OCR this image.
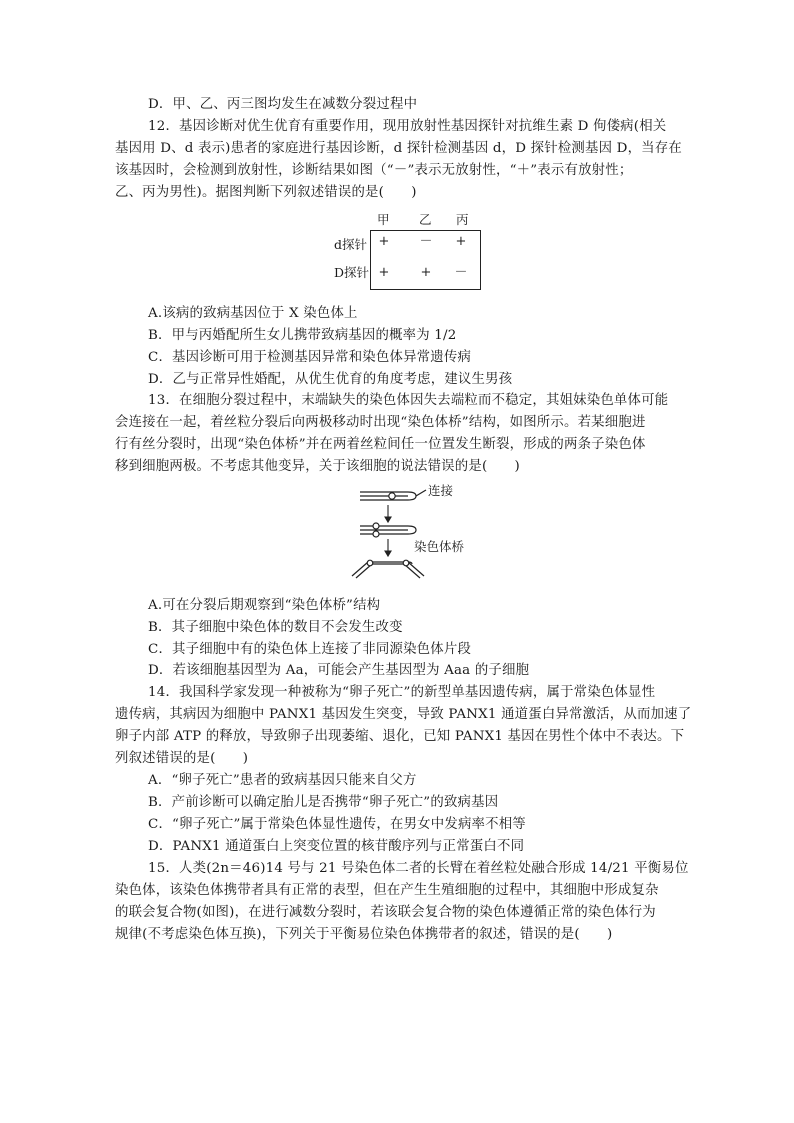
D．甲、乙、丙三图均发生在减数分裂过程中
12．基因诊断对优生优育有重要作用，现用放射性基因探针对抗维生素 D 佝偻病(相关
基因用 D、d 表示)患者的家庭进行基因诊断，d 探针检测基因 d，D 探针检测基因 D，当存在
该基因时，会检测到放射性，诊断结果如图（“－”表示无放射性，“＋”表示有放射性；
乙、丙为男性)。据图判断下列叙述错误的是(　　)
甲 乙 丙
d探针
D探针
+ － +
+ + －
A.该病的致病基因位于 X 染色体上
B．甲与丙婚配所生女儿携带致病基因的概率为 1/2
C．基因诊断可用于检测基因异常和染色体异常遗传病
D．乙与正常异性婚配，从优生优育的角度考虑，建议生男孩
13．在细胞分裂过程中，末端缺失的染色体因失去端粒而不稳定，其姐妹染色单体可能
会连接在一起，着丝粒分裂后向两极移动时出现“染色体桥”结构，如图所示。若某细胞进
行有丝分裂时，出现“染色体桥”并在两着丝粒间任一位置发生断裂，形成的两条子染色体
移到细胞两极。不考虑其他变异，关于该细胞的说法错误的是(　　)
连接
染色体桥
A.可在分裂后期观察到“染色体桥”结构
B．其子细胞中染色体的数目不会发生改变
C．其子细胞中有的染色体上连接了非同源染色体片段
D．若该细胞基因型为 Aa，可能会产生基因型为 Aaa 的子细胞
14．我国科学家发现一种被称为“卵子死亡”的新型单基因遗传病，属于常染色体显性
遗传病，其病因为细胞中 PANX1 基因发生突变，导致 PANX1 通道蛋白异常激活，从而加速了
卵子内部 ATP 的释放，导致卵子出现萎缩、退化，已知 PANX1 基因在男性个体中不表达。下
列叙述错误的是(　　)
A．“卵子死亡”患者的致病基因只能来自父方
B．产前诊断可以确定胎儿是否携带“卵子死亡”的致病基因
C．“卵子死亡”属于常染色体显性遗传，在男女中发病率不相等
D．PANX1 通道蛋白上突变位置的核苷酸序列与正常蛋白不同
15．人类(2n＝46)14 号与 21 号染色体二者的长臂在着丝粒处融合形成 14/21 平衡易位
染色体，该染色体携带者具有正常的表型，但在产生生殖细胞的过程中，其细胞中形成复杂
的联会复合物(如图)，在进行减数分裂时，若该联会复合物的染色体遵循正常的染色体行为
规律(不考虑染色体互换)，下列关于平衡易位染色体携带者的叙述，错误的是(　　)
